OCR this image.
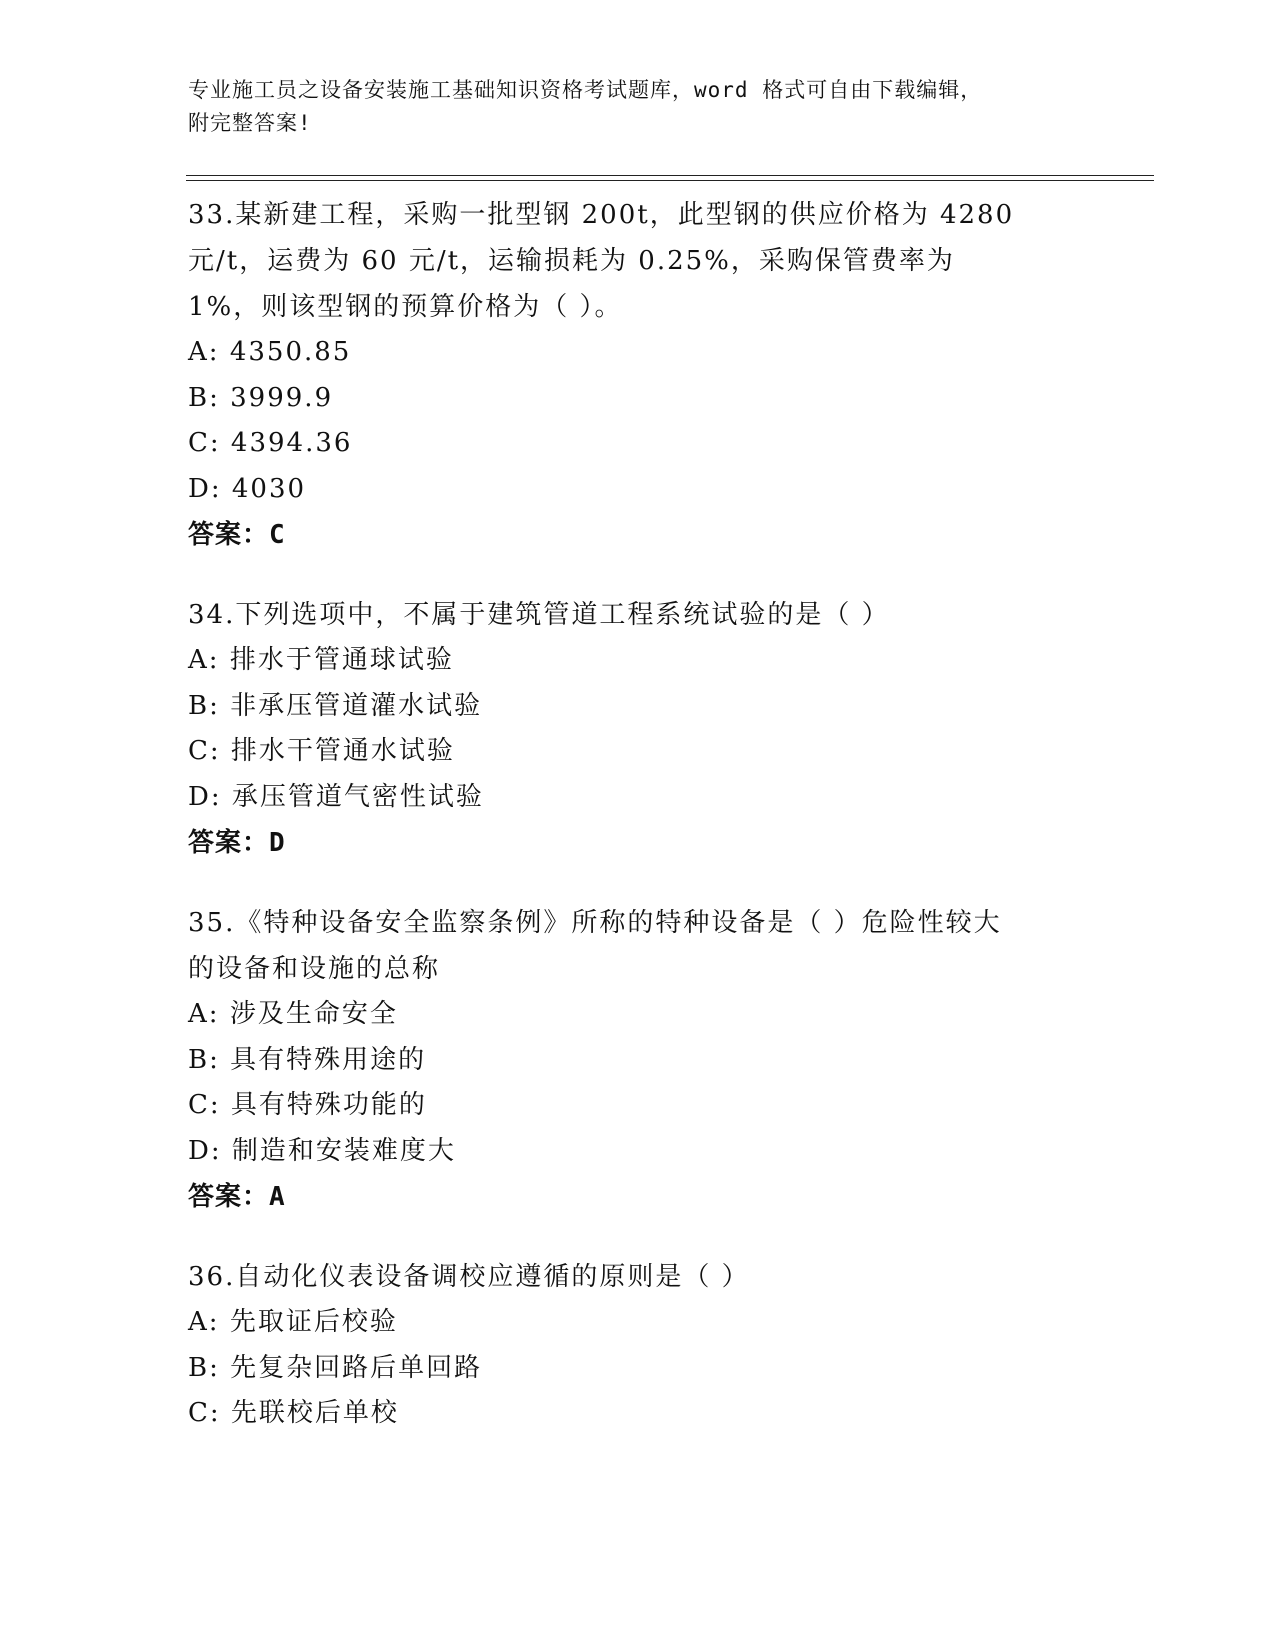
专业施工员之设备安装施工基础知识资格考试题库，word 格式可自由下载编辑，
附完整答案!
33.某新建工程，采购一批型钢 200t，此型钢的供应价格为 4280 元/t，运费为 60 元/t，运输损耗为 0.25%，采购保管费率为 1%，则该型钢的预算价格为（ ）。
A: 4350.85
B: 3999.9
C: 4394.36
D: 4030
答案：C
34.下列选项中，不属于建筑管道工程系统试验的是（ ）
A: 排水于管通球试验
B: 非承压管道灌水试验
C: 排水干管通水试验
D: 承压管道气密性试验
答案：D
35.《特种设备安全监察条例》所称的特种设备是（ ）危险性较大的设备和设施的总称
A: 涉及生命安全
B: 具有特殊用途的
C: 具有特殊功能的
D: 制造和安装难度大
答案：A
36.自动化仪表设备调校应遵循的原则是（ ）
A: 先取证后校验
B: 先复杂回路后单回路
C: 先联校后单校
